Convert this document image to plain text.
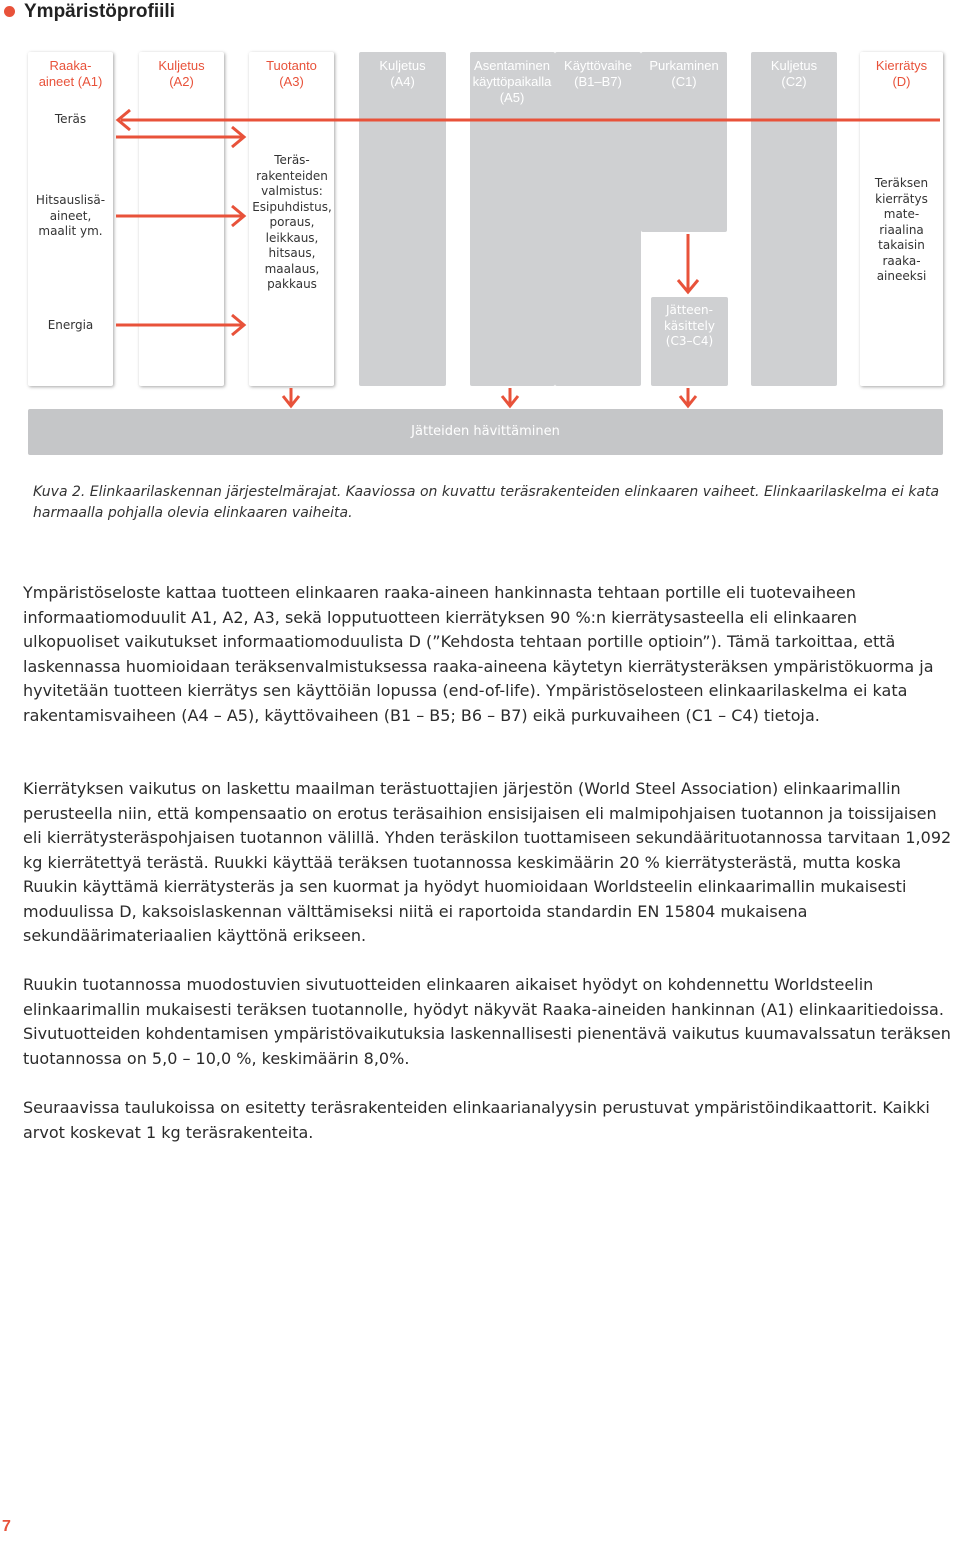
Ympäristöprofiili
Raaka-
aineet (A1)
Kuljetus
(A2)
Tuotanto
(A3)
Kuljetus
(A4)
Asentaminen
käyttöpaikalla
(A5)
Käyttövaihe
(B1–B7)
Purkaminen
(C1)
Kuljetus
(C2)
Kierrätys
(D)
Teräs
Hitsauslisä-
aineet,
maalit ym.
Energia
Teräs-
rakenteiden
valmistus:
Esipuhdistus,
poraus,
leikkaus,
hitsaus,
maalaus,
pakkaus
Teräksen
kierrätys
mate-
riaalina
takaisin
raaka-
aineeksi
Jätteen-
käsittely
(C3–C4)
Jätteiden hävittäminen
Kuva 2. Elinkaarilaskennan järjestelmärajat. Kaaviossa on kuvattu teräsrakenteiden elinkaaren vaiheet. Elinkaarilaskelma ei kata harmaalla pohjalla olevia elinkaaren vaiheita.
Ympäristöseloste kattaa tuotteen elinkaaren raaka-aineen hankinnasta tehtaan portille eli tuotevaiheen informaatiomoduulit A1, A2, A3, sekä lopputuotteen kierrätyksen 90 %:n kierrätysasteella eli elinkaaren ulkopuoliset vaikutukset informaatiomoduulista D (”Kehdosta tehtaan portille optioin”). Tämä tarkoittaa, että laskennassa huomioidaan teräksenvalmistuksessa raaka-aineena käytetyn kierrätysteräksen ympäristökuorma ja hyvitetään tuotteen kierrätys sen käyttöiän lopussa (end-of-life). Ympäristöselosteen elinkaarilaskelma ei kata rakentamisvaiheen (A4 – A5), käyttövaiheen (B1 – B5; B6 – B7) eikä purkuvaiheen (C1 – C4) tietoja.
Kierrätyksen vaikutus on laskettu maailman terästuottajien järjestön (World Steel Association) elinkaarimallin perusteella niin, että kompensaatio on erotus teräsaihion ensisijaisen eli malmipohjaisen tuotannon ja toissijaisen eli kierrätysteräspohjaisen tuotannon välillä. Yhden teräskilon tuottamiseen sekundäärituotannossa tarvitaan 1,092 kg kierrätettyä terästä. Ruukki käyttää teräksen tuotannossa keskimäärin 20 % kierrätysterästä, mutta koska Ruukin käyttämä kierrätysteräs ja sen kuormat ja hyödyt huomioidaan Worldsteelin elinkaarimallin mukaisesti moduulissa D, kaksoislaskennan välttämiseksi niitä ei raportoida standardin EN 15804 mukaisena sekundäärimateriaalien käyttönä erikseen.
Ruukin tuotannossa muodostuvien sivutuotteiden elinkaaren aikaiset hyödyt on kohdennettu Worldsteelin elinkaarimallin mukaisesti teräksen tuotannolle, hyödyt näkyvät Raaka-aineiden hankinnan (A1) elinkaaritiedoissa. Sivutuotteiden kohdentamisen ympäristövaikutuksia laskennallisesti pienentävä vaikutus kuumavalssatun teräksen tuotannossa on 5,0 – 10,0 %, keskimäärin 8,0%.
Seuraavissa taulukoissa on esitetty teräsrakenteiden elinkaarianalyysin perustuvat ympäristöindikaattorit. Kaikki arvot koskevat 1 kg teräsrakenteita.
7
